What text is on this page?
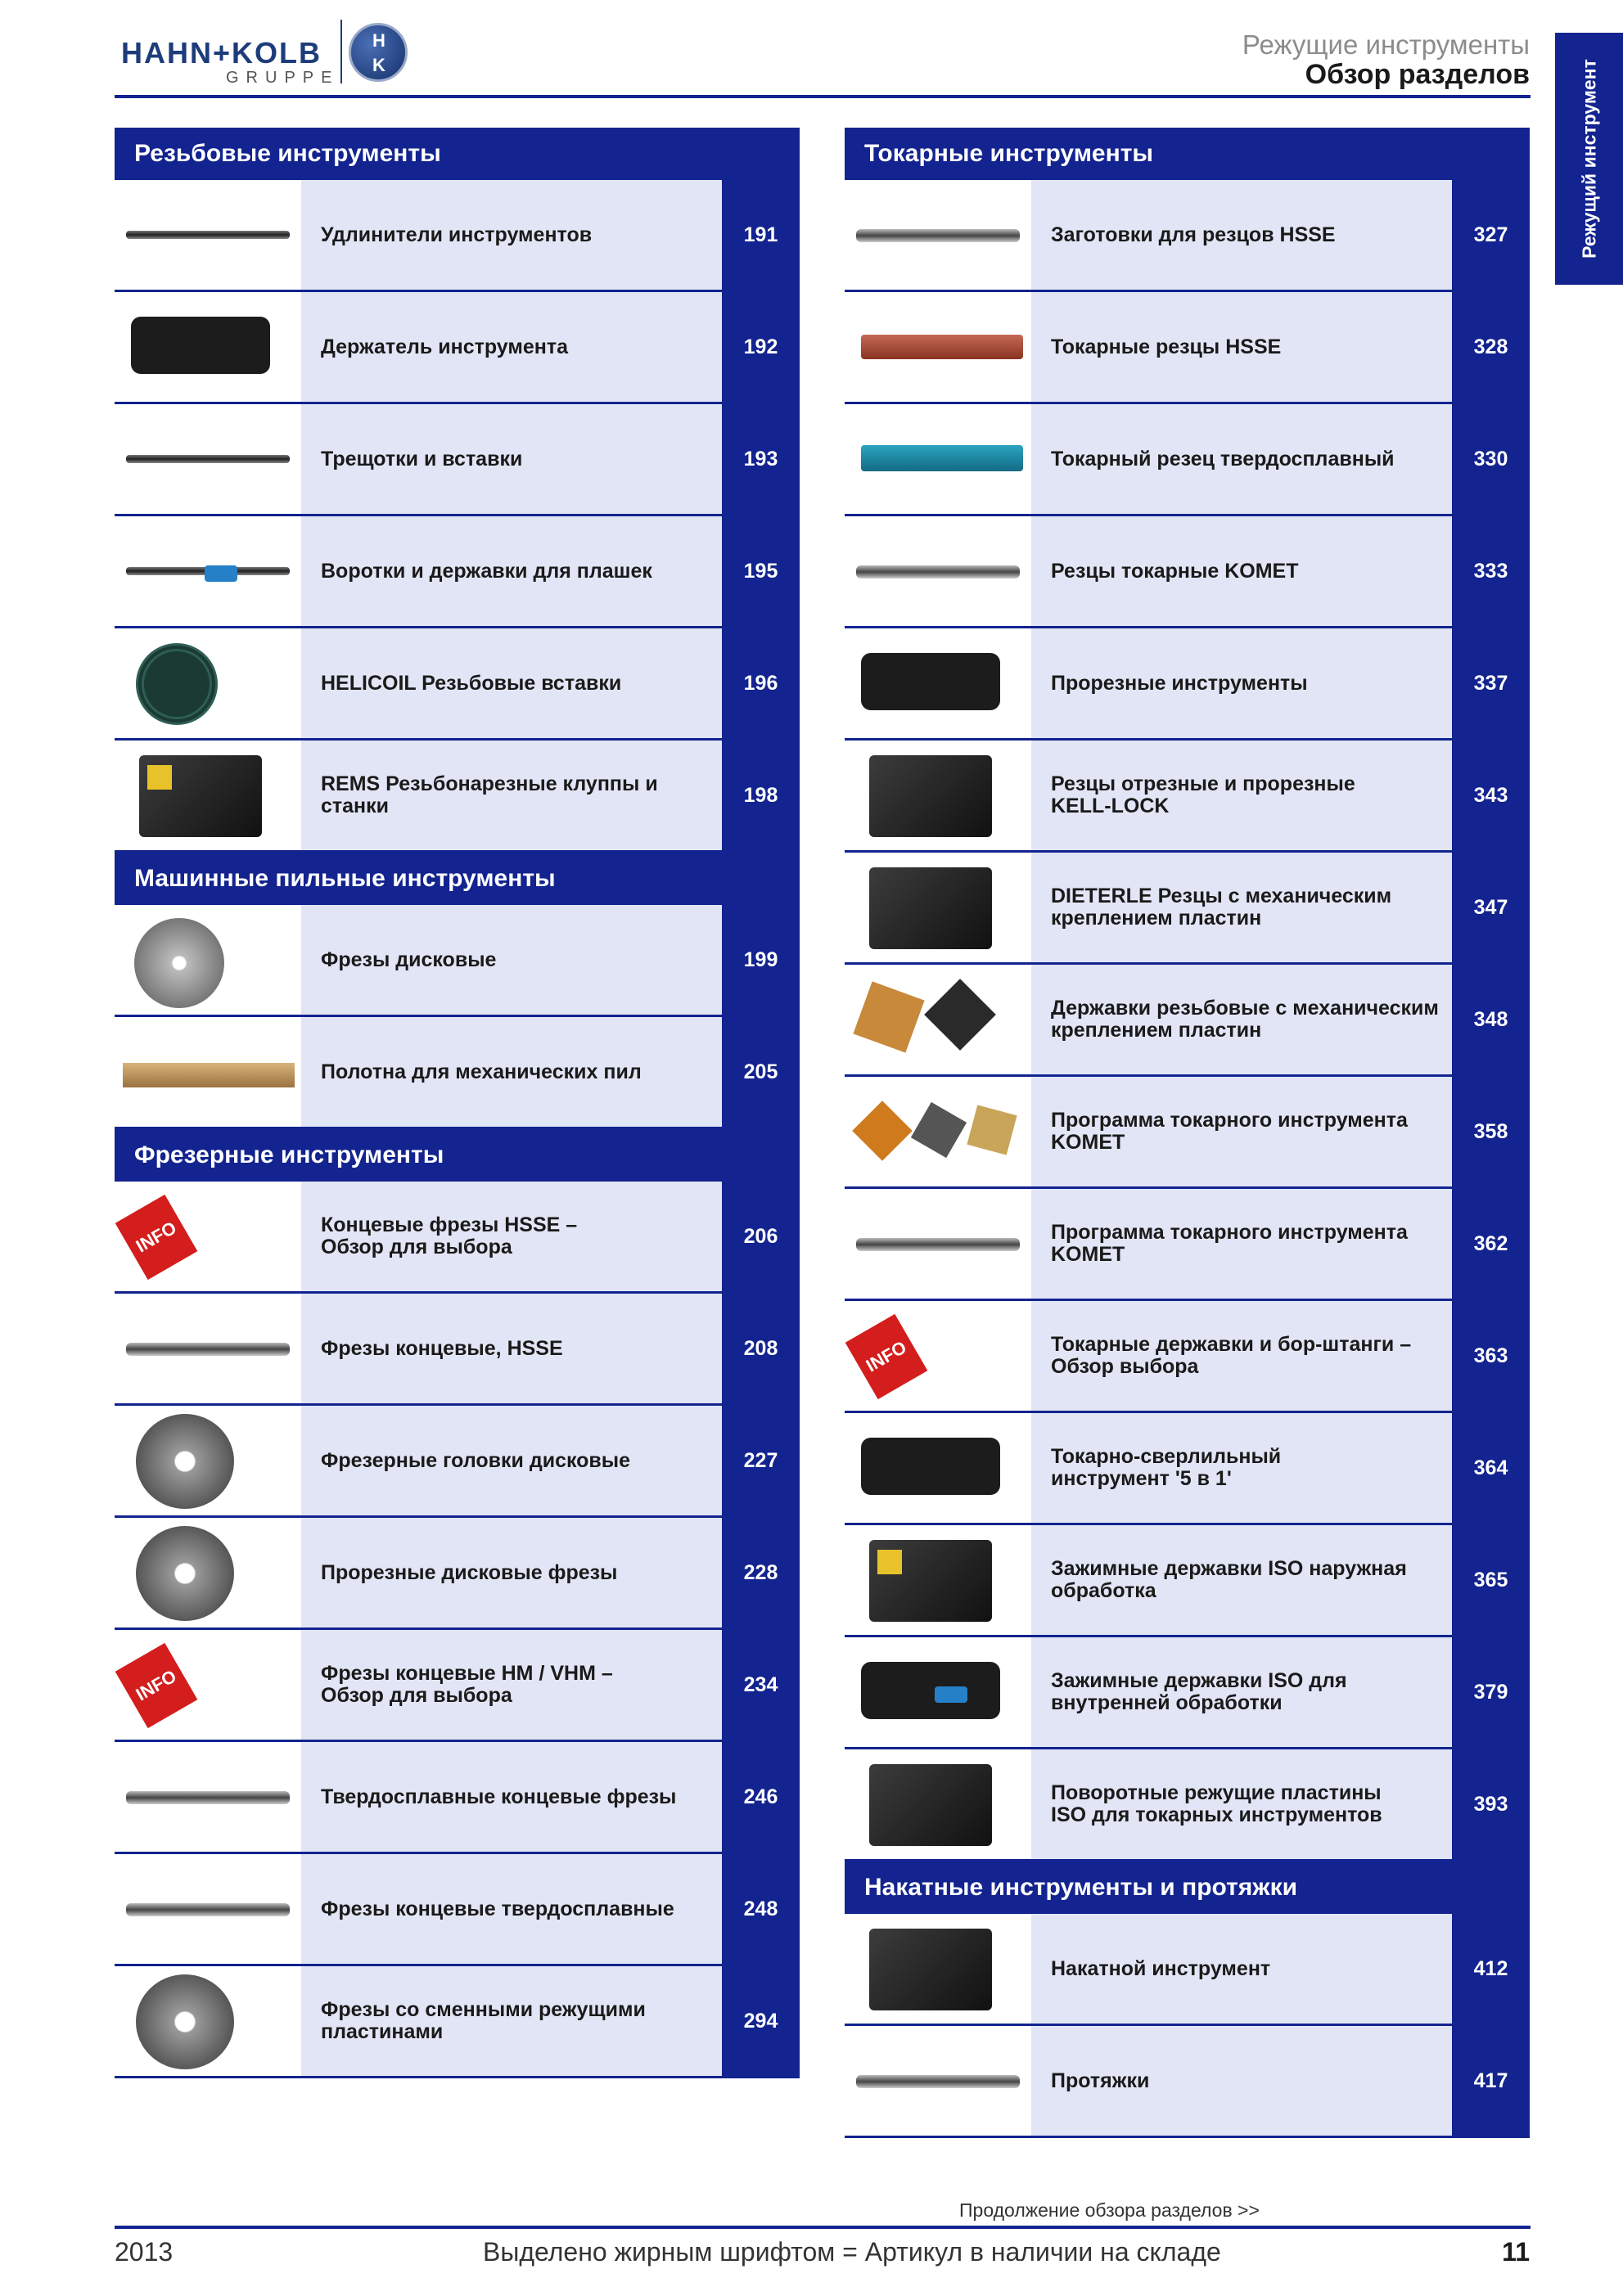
HAHN+KOLB
GRUPPE
H
K
Режущие инструменты
Обзор разделов	Режущий инструмент
Резьбовые инструменты
Удлинители инструментов	191
Держатель инструмента	192
Трещотки и вставки	193
Воротки и державки для плашек	195
HELICOIL Резьбовые вставки	196
REMS Резьбонарезные клуппы и
станки	198
Машинные пильные инструменты
Фрезы дисковые	199
Полотна для механических пил	205
Фрезерные инструменты
INFO	Концевые фрезы HSSE –
Обзор для выбора	206
Фрезы концевые, HSSE	208
Фрезерные головки дисковые	227
Прорезные дисковые фрезы	228
INFO	Фрезы концевые HM / VHM –
Обзор для выбора	234
Твердосплавные концевые фрезы	246
Фрезы концевые твердосплавные	248
Фрезы со сменными режущими
пластинами	294
Токарные инструменты
Заготовки для резцов HSSE	327
Токарные резцы HSSE	328
Токарный резец твердосплавный	330
Резцы токарные KOMET	333
Прорезные инструменты	337
Резцы отрезные и прорезные
KELL-LOCK	343
DIETERLE Резцы с механическим
креплением пластин	347
Державки резьбовые с механическим
креплением пластин	348
Программа токарного инструмента
KOMET	358
Программа токарного инструмента
KOMET	362
INFO	Токарные державки и бор-штанги –
Обзор выбора	363
Токарно-сверлильный
инструмент '5 в 1'	364
Зажимные державки ISO наружная
обработка	365
Зажимные державки ISO для
внутренней обработки	379
Поворотные режущие пластины
ISO для токарных инструментов	393
Накатные инструменты и протяжки
Накатной инструмент	412
Протяжки	417
Продолжение обзора разделов >>
2013	Выделено жирным шрифтом = Артикул в наличии на складе	11
